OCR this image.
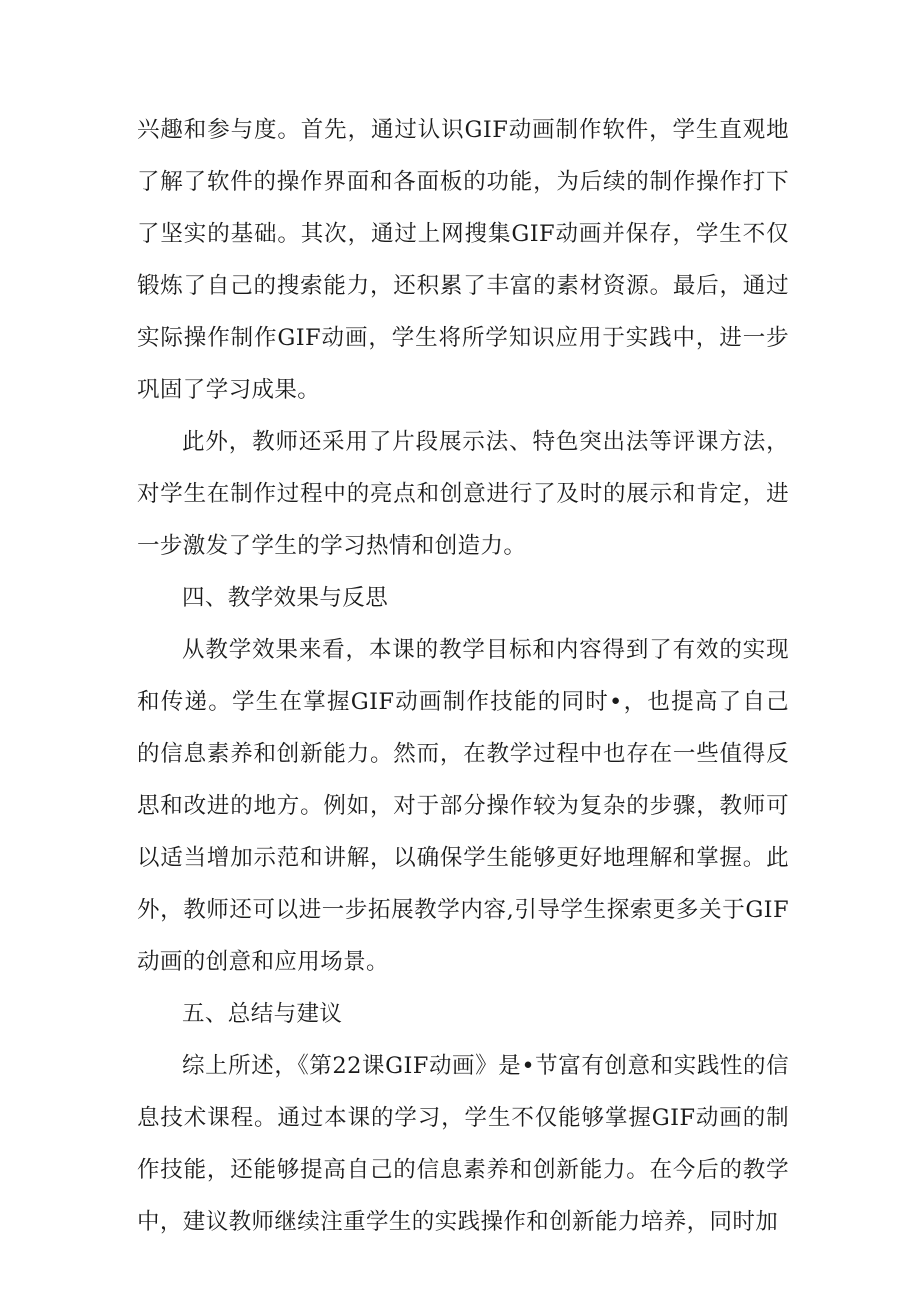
兴趣和参与度。首先，通过认识GIF动画制作软件，学生直观地了解了软件的操作界面和各面板的功能，为后续的制作操作打下了坚实的基础。其次，通过上网搜集GIF动画并保存，学生不仅锻炼了自己的搜索能力，还积累了丰富的素材资源。最后，通过实际操作制作GIF动画，学生将所学知识应用于实践中，进一步巩固了学习成果。

此外，教师还采用了片段展示法、特色突出法等评课方法，对学生在制作过程中的亮点和创意进行了及时的展示和肯定，进一步激发了学生的学习热情和创造力。

四、教学效果与反思

从教学效果来看，本课的教学目标和内容得到了有效的实现和传递。学生在掌握GIF动画制作技能的同时•，也提高了自己的信息素养和创新能力。然而，在教学过程中也存在一些值得反思和改进的地方。例如，对于部分操作较为复杂的步骤，教师可以适当增加示范和讲解，以确保学生能够更好地理解和掌握。此外，教师还可以进一步拓展教学内容,引导学生探索更多关于GIF动画的创意和应用场景。

五、总结与建议

综上所述，《第22课GIF动画》是•节富有创意和实践性的信息技术课程。通过本课的学习，学生不仅能够掌握GIF动画的制作技能，还能够提高自己的信息素养和创新能力。在今后的教学中，建议教师继续注重学生的实践操作和创新能力培养，同时加
